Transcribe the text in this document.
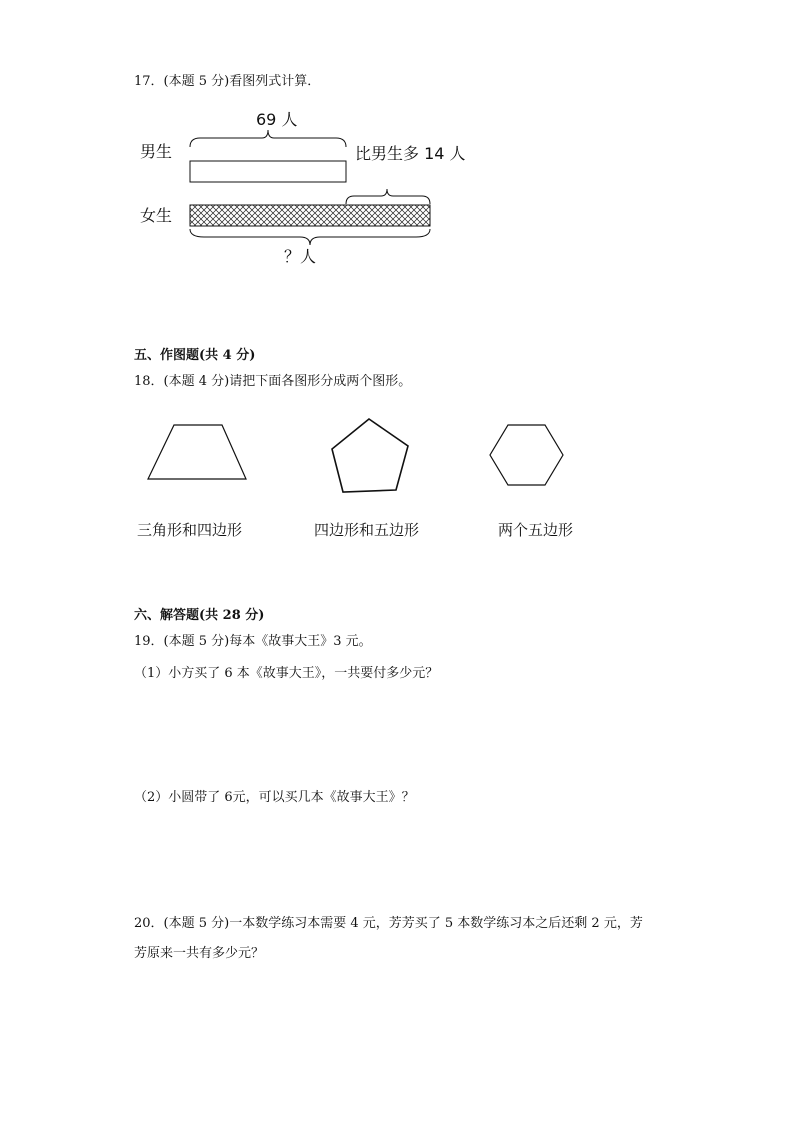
17．(本题 5 分)看图列式计算．
69 人
男生	比男生多 14 人
女生
？人
五、作图题(共 4 分)
18．(本题 4 分)请把下面各图形分成两个图形。
三角形和四边形	四边形和五边形	两个五边形
六、解答题(共 28 分)
19．(本题 5 分)每本《故事大王》3 元。
（1）小方买了 6 本《故事大王》，一共要付多少元？
（2）小圆带了 6元，可以买几本《故事大王》？
20．(本题 5 分)一本数学练习本需要 4 元，芳芳买了 5 本数学练习本之后还剩 2 元，芳
芳原来一共有多少元？
